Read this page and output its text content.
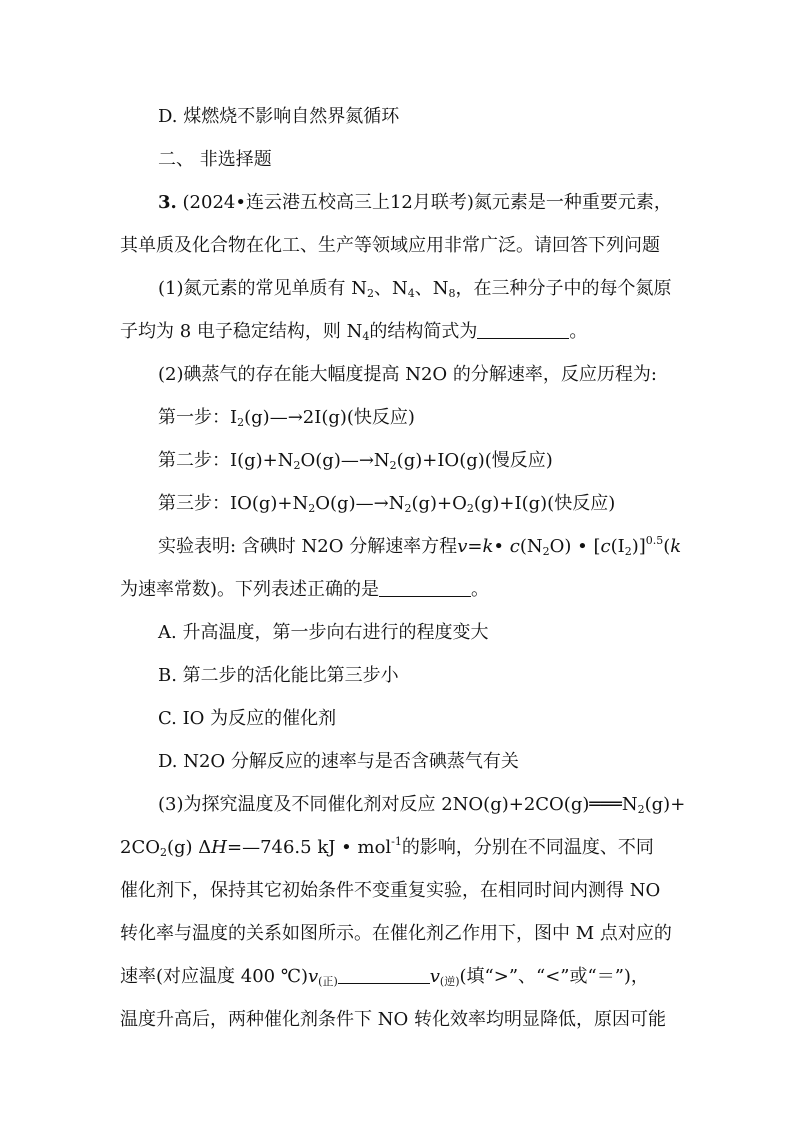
D. 煤燃烧不影响自然界氮循环
二、 非选择题
3. (2024•连云港五校高三上12月联考)氮元素是一种重要元素，
其单质及化合物在化工、生产等领域应用非常广泛。请回答下列问题
(1)氮元素的常见单质有 $N_2$、$N_4$、$N_8$，在三种分子中的每个氮原
子均为 8 电子稳定结构，则 $N_4$的结构简式为	。
(2)碘蒸气的存在能大幅度提高 N2O 的分解速率，反应历程为:
第一步：$I_2(g)—\to 2I(g)$(快反应)
第二步：$I(g)+N_2O(g)—\to N_2(g)+IO(g)$(慢反应)
第三步：$IO(g)+N_2O(g)—\to N_2(g)+O_2(g)+I(g)$(快反应)
实验表明: 含碘时 N2O 分解速率方程v=k• $c(N_2O)$ • $[c(I_2)]^{0.5}(k$
为速率常数)。下列表述正确的是	。
A. 升高温度，第一步向右进行的程度变大
B. 第二步的活化能比第三步小
C. IO 为反应的催化剂
D. N2O 分解反应的速率与是否含碘蒸气有关
(3)为探究温度及不同催化剂对反应 $2NO(g)+2CO(g)═══N_2(g)+$
$2CO_2(g)$ ΔH=—746.5 kJ • mol$^{-1}$的影响，分别在不同温度、不同
催化剂下，保持其它初始条件不变重复实验，在相同时间内测得 NO
转化率与温度的关系如图所示。在催化剂乙作用下，图中 M 点对应的
速率(对应温度 400 $℃)v_{(正)}$	$v_{(逆)}$(填“>”、“<”或“＝”)，
温度升高后，两种催化剂条件下 NO 转化效率均明显降低，原因可能
